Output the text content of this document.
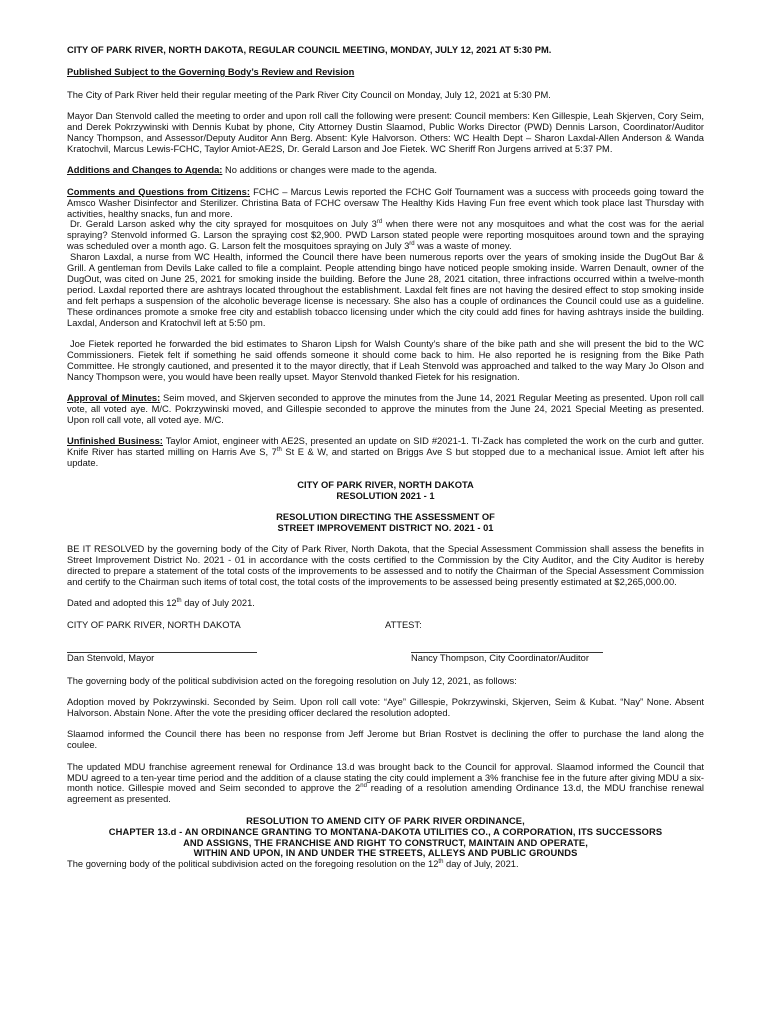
CITY OF PARK RIVER, NORTH DAKOTA, REGULAR COUNCIL MEETING, MONDAY, JULY 12, 2021 AT 5:30 PM.

Published Subject to the Governing Body’s Review and Revision

The City of Park River held their regular meeting of the Park River City Council on Monday, July 12, 2021 at 5:30 PM.

Mayor Dan Stenvold called the meeting to order and upon roll call the following were present: Council members: Ken Gillespie, Leah Skjerven, Cory Seim, and Derek Pokrzywinski with Dennis Kubat by phone, City Attorney Dustin Slaamod, Public Works Director (PWD) Dennis Larson, Coordinator/Auditor Nancy Thompson, and Assessor/Deputy Auditor Ann Berg. Absent: Kyle Halvorson. Others: WC Health Dept – Sharon Laxdal-Allen Anderson & Wanda Kratochvil, Marcus Lewis-FCHC, Taylor Amiot-AE2S, Dr. Gerald Larson and Joe Fietek. WC Sheriff Ron Jurgens arrived at 5:37 PM.

Additions and Changes to Agenda: No additions or changes were made to the agenda.

Comments and Questions from Citizens: FCHC – Marcus Lewis reported the FCHC Golf Tournament was a success with proceeds going toward the Amsco Washer Disinfector and Sterilizer. Christina Bata of FCHC oversaw The Healthy Kids Having Fun free event which took place last Thursday with activities, healthy snacks, fun and more.

Dr. Gerald Larson asked why the city sprayed for mosquitoes on July 3rd when there were not any mosquitoes and what the cost was for the aerial spraying? Stenvold informed G. Larson the spraying cost $2,900. PWD Larson stated people were reporting mosquitoes around town and the spraying was scheduled over a month ago. G. Larson felt the mosquitoes spraying on July 3rd was a waste of money.

Sharon Laxdal, a nurse from WC Health, informed the Council there have been numerous reports over the years of smoking inside the DugOut Bar & Grill. A gentleman from Devils Lake called to file a complaint. People attending bingo have noticed people smoking inside. Warren Denault, owner of the DugOut, was cited on June 25, 2021 for smoking inside the building. Before the June 28, 2021 citation, three infractions occurred within a twelve-month period. Laxdal reported there are ashtrays located throughout the establishment. Laxdal felt fines are not having the desired effect to stop smoking inside and felt perhaps a suspension of the alcoholic beverage license is necessary. She also has a couple of ordinances the Council could use as a guideline. These ordinances promote a smoke free city and establish tobacco licensing under which the city could add fines for having ashtrays inside the building. Laxdal, Anderson and Kratochvil left at 5:50 pm.

Joe Fietek reported he forwarded the bid estimates to Sharon Lipsh for Walsh County’s share of the bike path and she will present the bid to the WC Commissioners. Fietek felt if something he said offends someone it should come back to him. He also reported he is resigning from the Bike Path Committee. He strongly cautioned, and presented it to the mayor directly, that if Leah Stenvold was approached and talked to the way Mary Jo Olson and Nancy Thompson were, you would have been really upset. Mayor Stenvold thanked Fietek for his resignation.

Approval of Minutes: Seim moved, and Skjerven seconded to approve the minutes from the June 14, 2021 Regular Meeting as presented. Upon roll call vote, all voted aye. M/C. Pokrzywinski moved, and Gillespie seconded to approve the minutes from the June 24, 2021 Special Meeting as presented. Upon roll call vote, all voted aye. M/C.

Unfinished Business: Taylor Amiot, engineer with AE2S, presented an update on SID #2021-1. TI-Zack has completed the work on the curb and gutter. Knife River has started milling on Harris Ave S, 7th St E & W, and started on Briggs Ave S but stopped due to a mechanical issue. Amiot left after his update.

CITY OF PARK RIVER, NORTH DAKOTA
RESOLUTION 2021 - 1
RESOLUTION DIRECTING THE ASSESSMENT OF
STREET IMPROVEMENT DISTRICT NO. 2021 - 01

BE IT RESOLVED by the governing body of the City of Park River, North Dakota, that the Special Assessment Commission shall assess the benefits in Street Improvement District No. 2021 - 01 in accordance with the costs certified to the Commission by the City Auditor, and the City Auditor is hereby directed to prepare a statement of the total costs of the improvements to be assessed and to notify the Chairman of the Special Assessment Commission and certify to the Chairman such items of total cost, the total costs of the improvements to be assessed being presently estimated at $2,265,000.00.

Dated and adopted this 12th day of July 2021.

CITY OF PARK RIVER, NORTH DAKOTA	ATTEST:
Dan Stenvold, Mayor	Nancy Thompson, City Coordinator/Auditor

The governing body of the political subdivision acted on the foregoing resolution on July 12, 2021, as follows:

Adoption moved by Pokrzywinski. Seconded by Seim. Upon roll call vote: “Aye” Gillespie, Pokrzywinski, Skjerven, Seim & Kubat. “Nay” None. Absent Halvorson. Abstain None. After the vote the presiding officer declared the resolution adopted.

Slaamod informed the Council there has been no response from Jeff Jerome but Brian Rostvet is declining the offer to purchase the land along the coulee.

The updated MDU franchise agreement renewal for Ordinance 13.d was brought back to the Council for approval. Slaamod informed the Council that MDU agreed to a ten-year time period and the addition of a clause stating the city could implement a 3% franchise fee in the future after giving MDU a six-month notice. Gillespie moved and Seim seconded to approve the 2nd reading of a resolution amending Ordinance 13.d, the MDU franchise renewal agreement as presented.

RESOLUTION TO AMEND CITY OF PARK RIVER ORDINANCE,
CHAPTER 13.d - AN ORDINANCE GRANTING TO MONTANA-DAKOTA UTILITIES CO., A CORPORATION, ITS SUCCESSORS
AND ASSIGNS, THE FRANCHISE AND RIGHT TO CONSTRUCT, MAINTAIN AND OPERATE,
WITHIN AND UPON, IN AND UNDER THE STREETS, ALLEYS AND PUBLIC GROUNDS
The governing body of the political subdivision acted on the foregoing resolution on the 12th day of July, 2021.
